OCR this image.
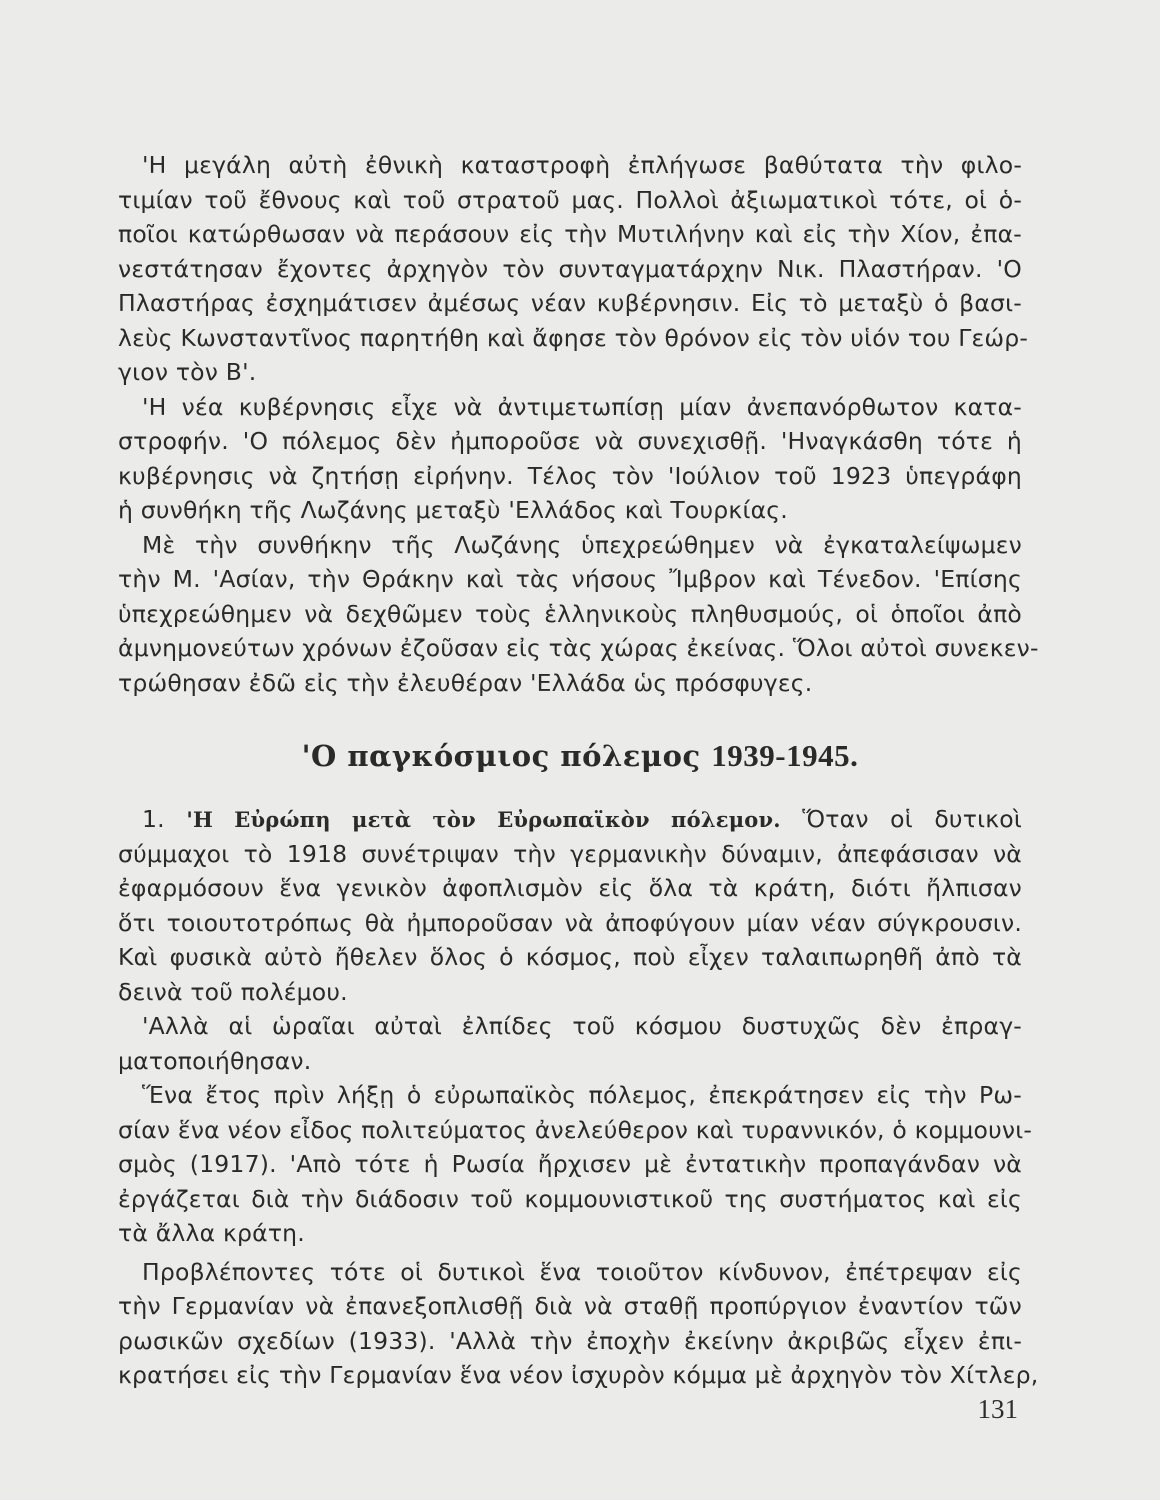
'Η μεγάλη αὐτὴ ἐθνικὴ καταστροφὴ ἐπλήγωσε βαθύτατα τὴν φιλο-
τιμίαν τοῦ ἔθνους καὶ τοῦ στρατοῦ μας. Πολλοὶ ἀξιωματικοὶ τότε, οἱ ὁ-
ποῖοι κατώρθωσαν νὰ περάσουν εἰς τὴν Μυτιλήνην καὶ εἰς τὴν Χίον, ἐπα-
νεστάτησαν ἔχοντες ἀρχηγὸν τὸν συνταγματάρχην Νικ. Πλαστήραν. 'Ο
Πλαστήρας ἐσχημάτισεν ἀμέσως νέαν κυβέρνησιν. Εἰς τὸ μεταξὺ ὁ βασι-
λεὺς Κωνσταντῖνος παρητήθη καὶ ἄφησε τὸν θρόνον εἰς τὸν υἱόν του Γεώρ-
γιον τὸν Β'.
'Η νέα κυβέρνησις εἶχε νὰ ἀντιμετωπίσῃ μίαν ἀνεπανόρθωτον κατα-
στροφήν. 'Ο πόλεμος δὲν ἠμποροῦσε νὰ συνεχισθῇ. 'Ηναγκάσθη τότε ἡ
κυβέρνησις νὰ ζητήσῃ εἰρήνην. Τέλος τὸν 'Ιούλιον τοῦ 1923 ὑπεγράφη
ἡ συνθήκη τῆς Λωζάνης μεταξὺ 'Ελλάδος καὶ Τουρκίας.
Μὲ τὴν συνθήκην τῆς Λωζάνης ὑπεχρεώθημεν νὰ ἐγκαταλείψωμεν
τὴν Μ. 'Ασίαν, τὴν Θράκην καὶ τὰς νήσους Ἴμβρον καὶ Τένεδον. 'Επίσης
ὑπεχρεώθημεν νὰ δεχθῶμεν τοὺς ἑλληνικοὺς πληθυσμούς, οἱ ὁποῖοι ἀπὸ
ἀμνημονεύτων χρόνων ἐζοῦσαν εἰς τὰς χώρας ἐκείνας. Ὅλοι αὐτοὶ συνεκεν-
τρώθησαν ἐδῶ εἰς τὴν ἐλευθέραν 'Ελλάδα ὡς πρόσφυγες.
'Ο παγκόσμιος πόλεμος 1939-1945.
1. 'Η Εὐρώπη μετὰ τὸν Εὐρωπαϊκὸν πόλεμον. Ὅταν οἱ δυτικοὶ
σύμμαχοι τὸ 1918 συνέτριψαν τὴν γερμανικὴν δύναμιν, ἀπεφάσισαν νὰ
ἐφαρμόσουν ἕνα γενικὸν ἀφοπλισμὸν εἰς ὅλα τὰ κράτη, διότι ἤλπισαν
ὅτι τοιουτοτρόπως θὰ ἠμποροῦσαν νὰ ἀποφύγουν μίαν νέαν σύγκρουσιν.
Καὶ φυσικὰ αὐτὸ ἤθελεν ὅλος ὁ κόσμος, ποὺ εἶχεν ταλαιπωρηθῆ ἀπὸ τὰ
δεινὰ τοῦ πολέμου.
'Αλλὰ αἱ ὡραῖαι αὐταὶ ἐλπίδες τοῦ κόσμου δυστυχῶς δὲν ἐπραγ-
ματοποιήθησαν.
Ἕνα ἔτος πρὶν λήξῃ ὁ εὐρωπαϊκὸς πόλεμος, ἐπεκράτησεν εἰς τὴν Ρω-
σίαν ἕνα νέον εἶδος πολιτεύματος ἀνελεύθερον καὶ τυραννικόν, ὁ κομμουνι-
σμὸς (1917). 'Απὸ τότε ἡ Ρωσία ἤρχισεν μὲ ἐντατικὴν προπαγάνδαν νὰ
ἐργάζεται διὰ τὴν διάδοσιν τοῦ κομμουνιστικοῦ της συστήματος καὶ εἰς
τὰ ἄλλα κράτη.
Προβλέποντες τότε οἱ δυτικοὶ ἕνα τοιοῦτον κίνδυνον, ἐπέτρεψαν εἰς
τὴν Γερμανίαν νὰ ἐπανεξοπλισθῇ διὰ νὰ σταθῇ προπύργιον ἐναντίον τῶν
ρωσικῶν σχεδίων (1933). 'Αλλὰ τὴν ἐποχὴν ἐκείνην ἀκριβῶς εἶχεν ἐπι-
κρατήσει εἰς τὴν Γερμανίαν ἕνα νέον ἰσχυρὸν κόμμα μὲ ἀρχηγὸν τὸν Χίτλερ,
131
